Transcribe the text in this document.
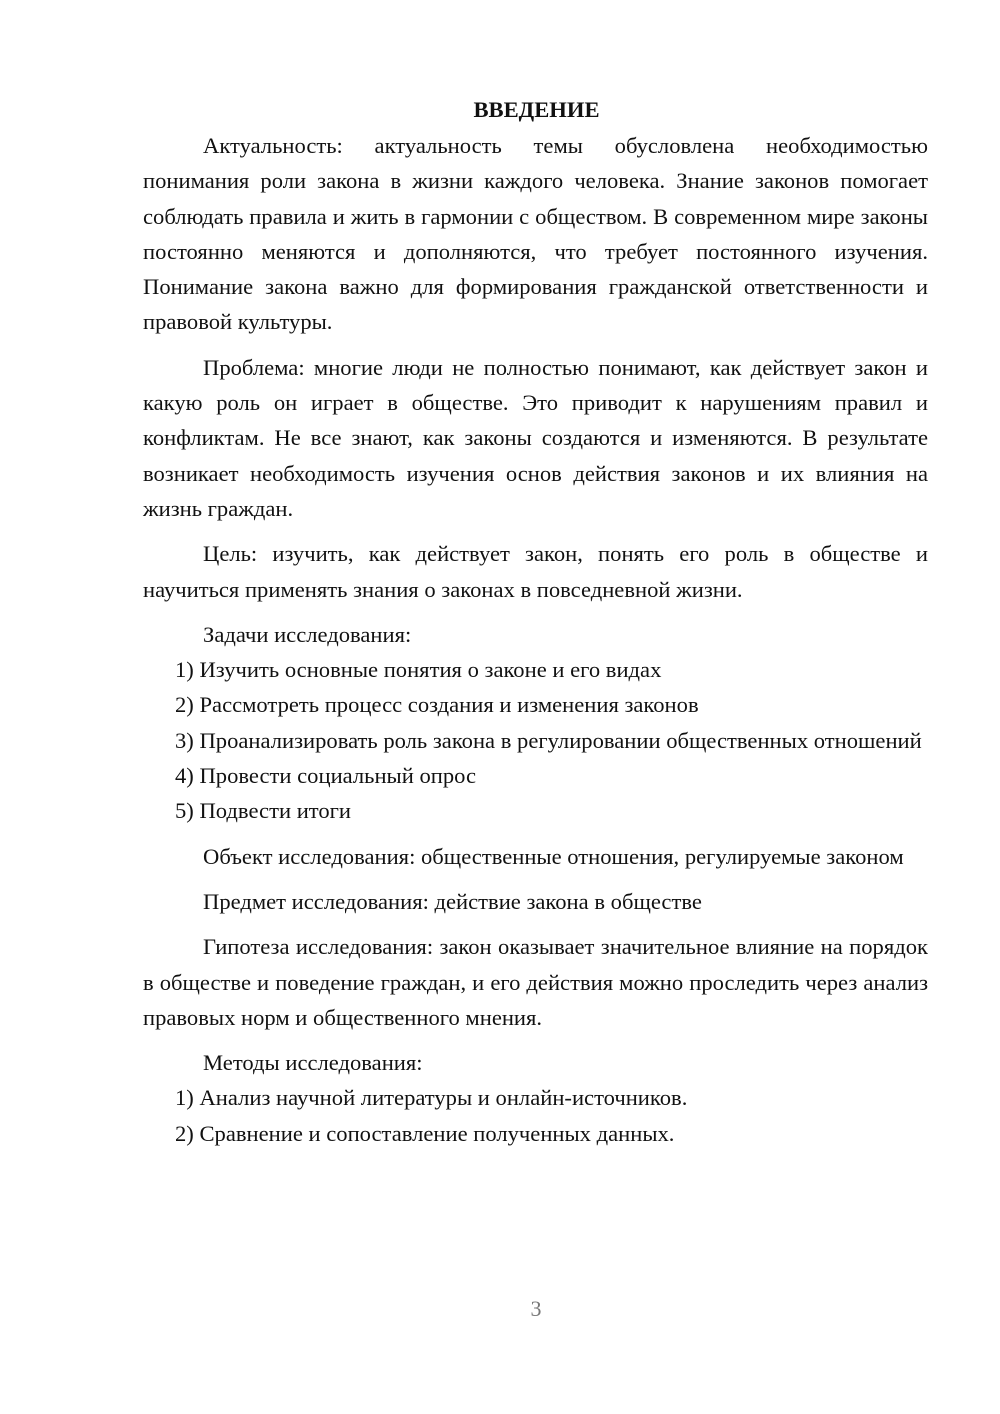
ВВЕДЕНИЕ

Актуальность: актуальность темы обусловлена необходимостью понимания роли закона в жизни каждого человека. Знание законов помогает соблюдать правила и жить в гармонии с обществом. В современном мире законы постоянно меняются и дополняются, что требует постоянного изучения. Понимание закона важно для формирования гражданской ответственности и правовой культуры.

Проблема: многие люди не полностью понимают, как действует закон и какую роль он играет в обществе. Это приводит к нарушениям правил и конфликтам. Не все знают, как законы создаются и изменяются. В результате возникает необходимость изучения основ действия законов и их влияния на жизнь граждан.

Цель: изучить, как действует закон, понять его роль в обществе и научиться применять знания о законах в повседневной жизни.

Задачи исследования:

1) Изучить основные понятия о законе и его видах

2) Рассмотреть процесс создания и изменения законов

3) Проанализировать роль закона в регулировании общественных отношений

4) Провести социальный опрос

5) Подвести итоги

Объект исследования: общественные отношения, регулируемые законом

Предмет исследования: действие закона в обществе

Гипотеза исследования: закон оказывает значительное влияние на порядок в обществе и поведение граждан, и его действия можно проследить через анализ правовых норм и общественного мнения.

Методы исследования:

1) Анализ научной литературы и онлайн-источников.

2) Сравнение и сопоставление полученных данных.

3
